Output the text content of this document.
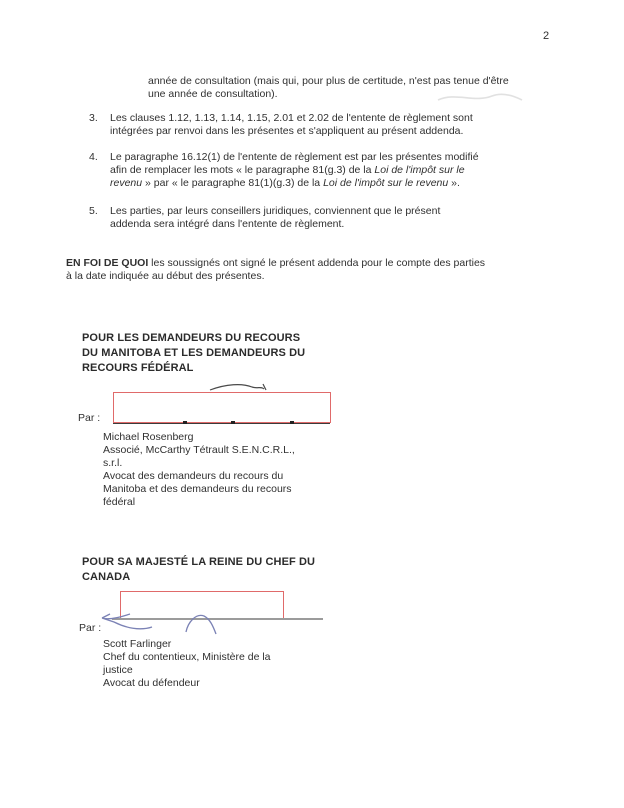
2
année de consultation (mais qui, pour plus de certitude, n'est pas tenue d'être
une année de consultation).
3. Les clauses 1.12, 1.13, 1.14, 1.15, 2.01 et 2.02 de l'entente de règlement sont
intégrées par renvoi dans les présentes et s'appliquent au présent addenda.
4. Le paragraphe 16.12(1) de l'entente de règlement est par les présentes modifié
afin de remplacer les mots « le paragraphe 81(g.3) de la Loi de l'impôt sur le
revenu » par « le paragraphe 81(1)(g.3) de la Loi de l'impôt sur le revenu ».
5. Les parties, par leurs conseillers juridiques, conviennent que le présent
addenda sera intégré dans l'entente de règlement.
EN FOI DE QUOI les soussignés ont signé le présent addenda pour le compte des parties
à la date indiquée au début des présentes.
POUR LES DEMANDEURS DU RECOURS
DU MANITOBA ET LES DEMANDEURS DU
RECOURS FÉDÉRAL
Par :
Michael Rosenberg
Associé, McCarthy Tétrault S.E.N.C.R.L.,
s.r.l.
Avocat des demandeurs du recours du
Manitoba et des demandeurs du recours
fédéral
POUR SA MAJESTÉ LA REINE DU CHEF DU
CANADA
Par :
Scott Farlinger
Chef du contentieux, Ministère de la
justice
Avocat du défendeur
